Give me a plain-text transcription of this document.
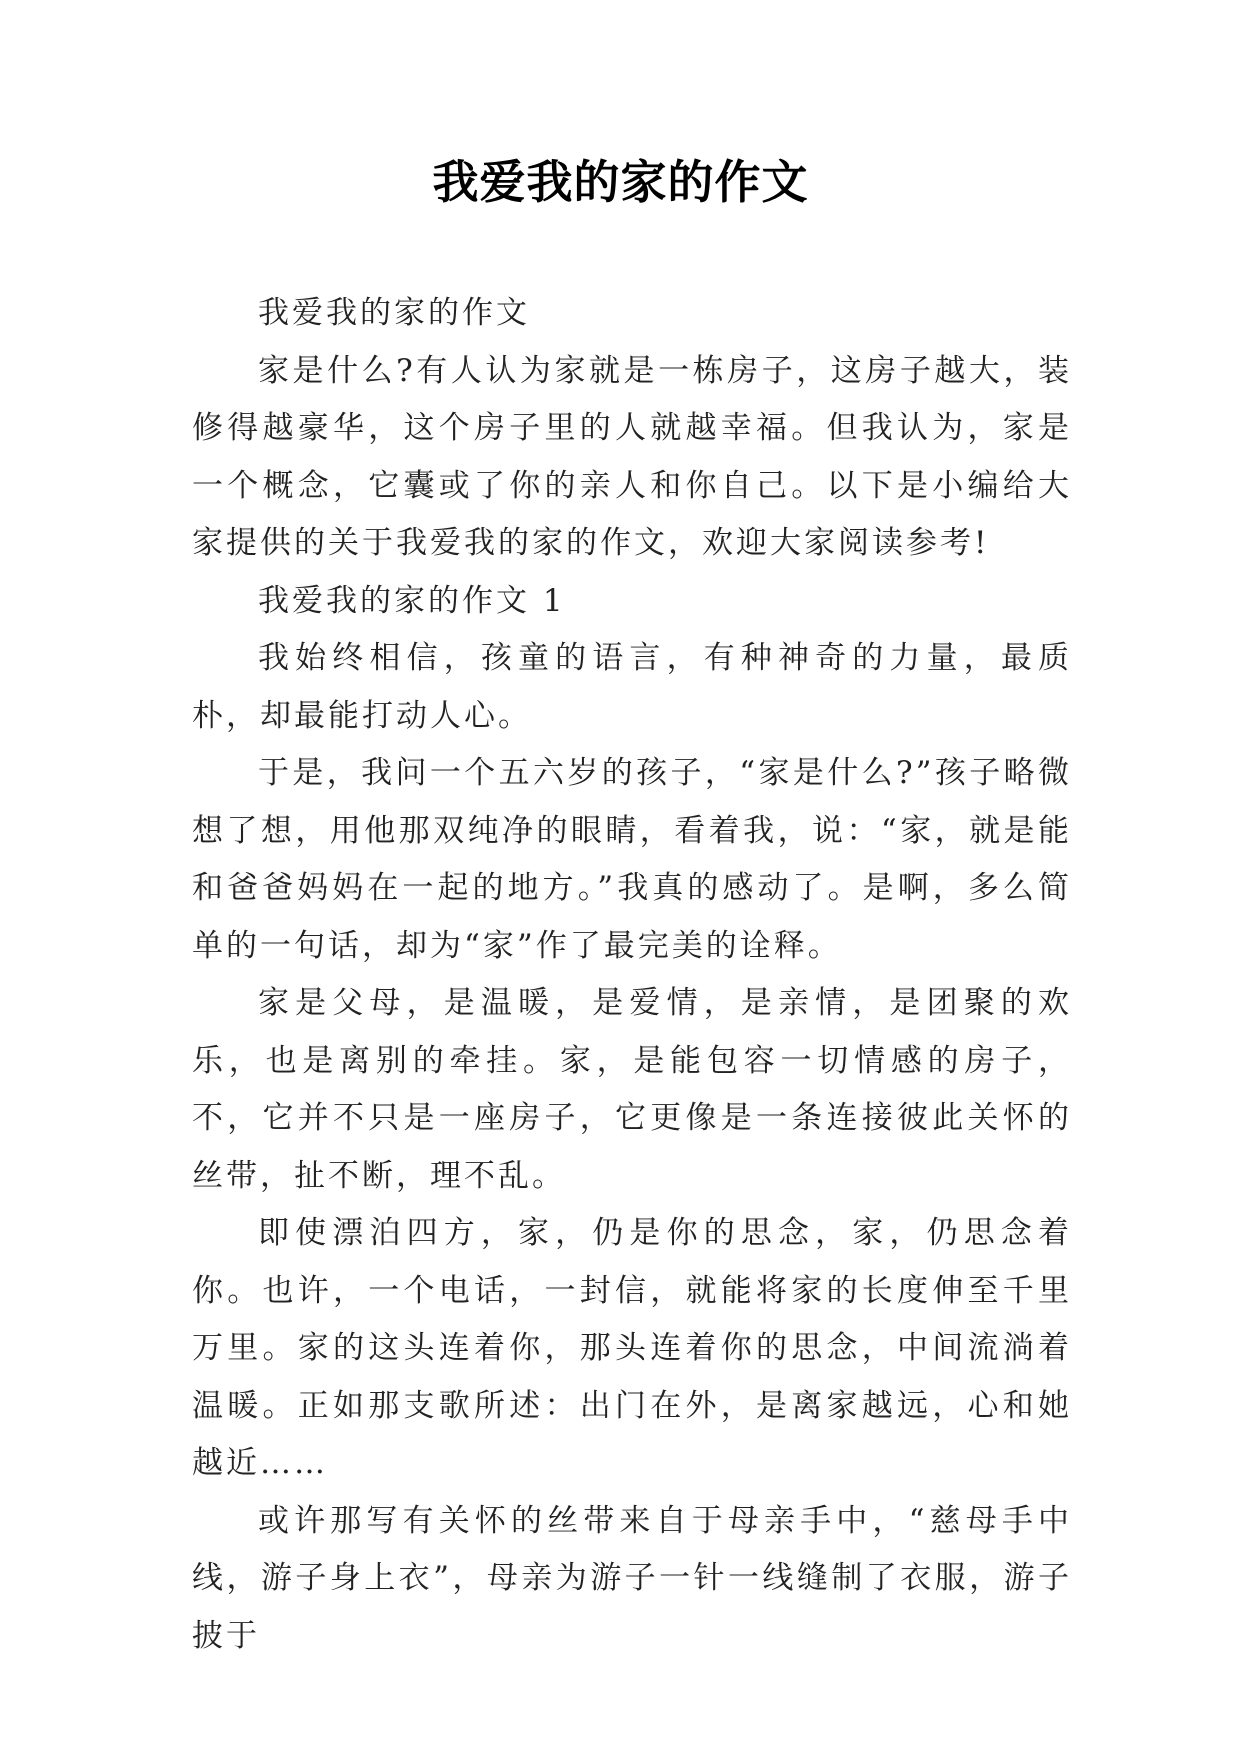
我爱我的家的作文

我爱我的家的作文

家是什么?有人认为家就是一栋房子，这房子越大，装修得越豪华，这个房子里的人就越幸福。但我认为，家是一个概念，它囊或了你的亲人和你自己。以下是小编给大家提供的关于我爱我的家的作文，欢迎大家阅读参考!

我爱我的家的作文 1

我始终相信，孩童的语言，有种神奇的力量，最质朴，却最能打动人心。

于是，我问一个五六岁的孩子，“家是什么?”孩子略微想了想，用他那双纯净的眼睛，看着我，说：“家，就是能和爸爸妈妈在一起的地方。”我真的感动了。是啊，多么简单的一句话，却为“家”作了最完美的诠释。

家是父母，是温暖，是爱情，是亲情，是团聚的欢乐，也是离别的牵挂。家，是能包容一切情感的房子，不，它并不只是一座房子，它更像是一条连接彼此关怀的丝带，扯不断，理不乱。

即使漂泊四方，家，仍是你的思念，家，仍思念着你。也许，一个电话，一封信，就能将家的长度伸至千里万里。家的这头连着你，那头连着你的思念，中间流淌着温暖。正如那支歌所述：出门在外，是离家越远，心和她越近……

或许那写有关怀的丝带来自于母亲手中，“慈母手中线，游子身上衣”，母亲为游子一针一线缝制了衣服，游子披于
